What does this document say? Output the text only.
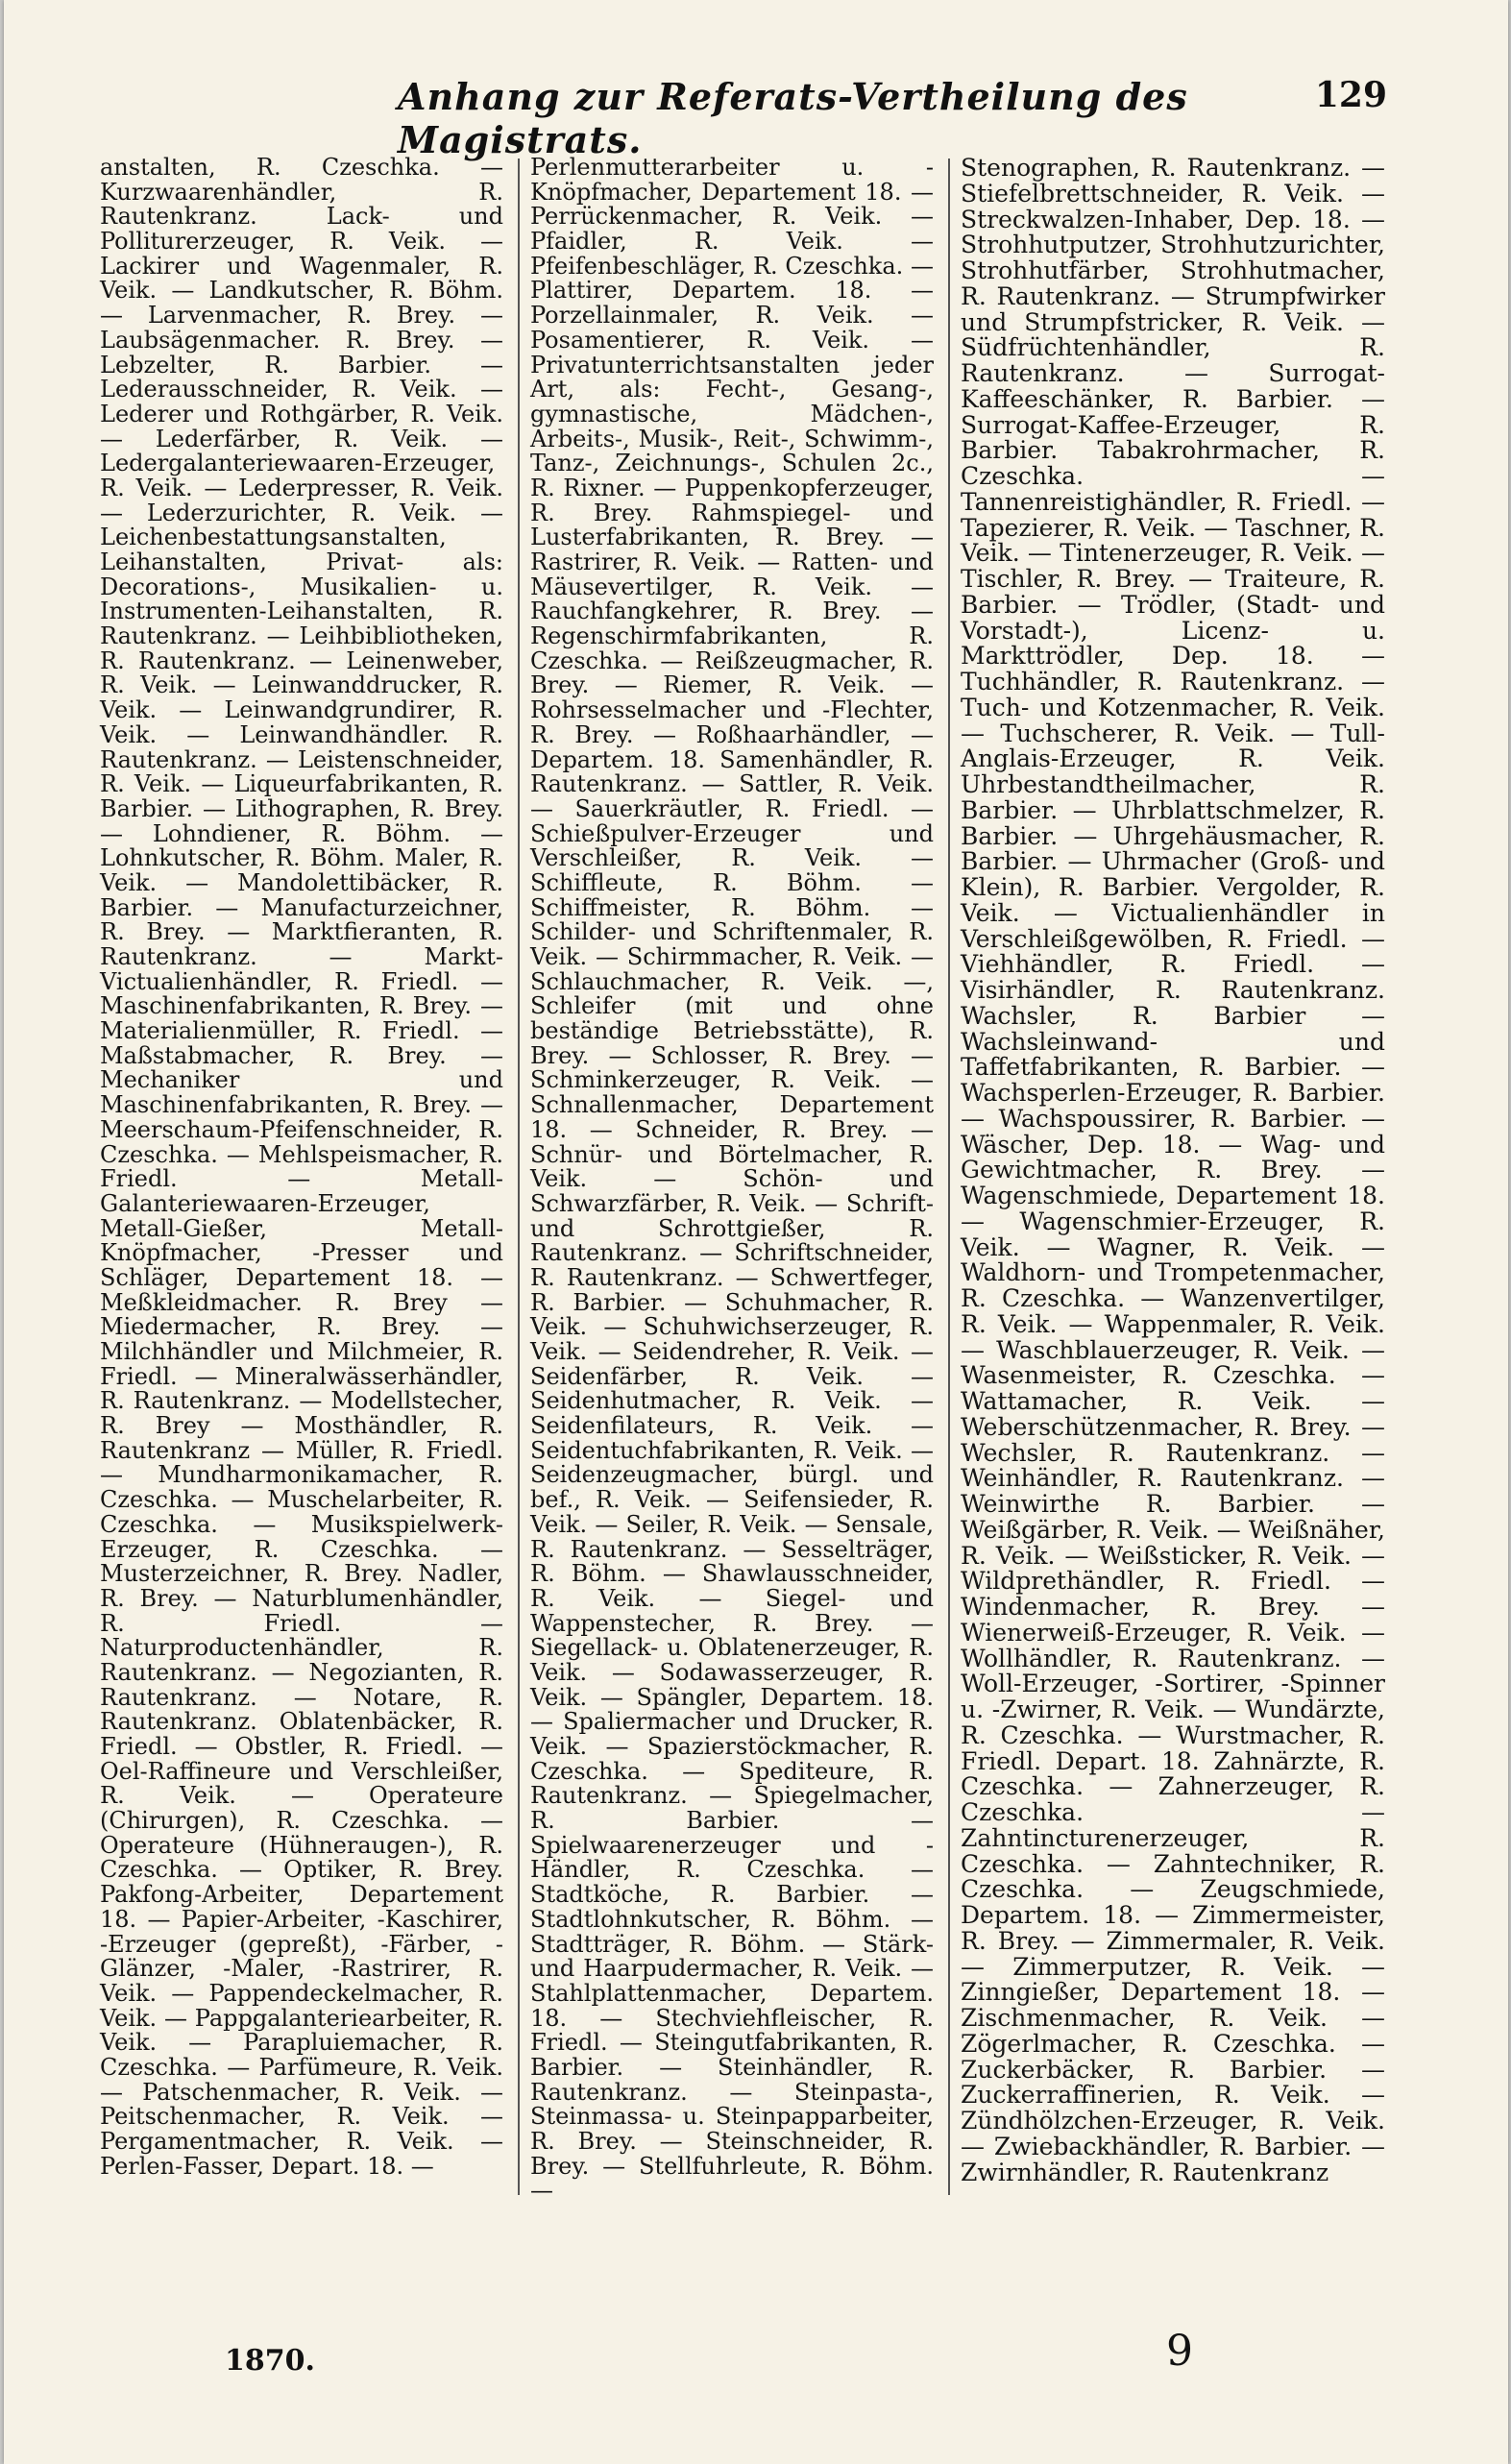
Anhang zur Referats-Vertheilung des Magistrats.
129

anstalten, R. Czeschka. — Kurzwaarenhändler, R. Rautenkranz. Lack- und Polliturerzeuger, R. Veik. — Lackirer und Wagenmaler, R. Veik. — Landkutscher, R. Böhm. — Larvenmacher, R. Brey. — Laubsägenmacher. R. Brey. — Lebzelter, R. Barbier. — Lederausschneider, R. Veik. — Lederer und Rothgärber, R. Veik. — Lederfärber, R. Veik. — Ledergalanteriewaaren-Erzeuger, R. Veik. — Lederpresser, R. Veik. — Lederzurichter, R. Veik. — Leichenbestattungsanstalten, Leihanstalten, Privat- als: Decorations-, Musikalien- u. Instrumenten-Leihanstalten, R. Rautenkranz. — Leihbibliotheken, R. Rautenkranz. — Leinenweber, R. Veik. — Leinwanddrucker, R. Veik. — Leinwandgrundirer, R. Veik. — Leinwandhändler. R. Rautenkranz. — Leistenschneider, R. Veik. — Liqueurfabrikanten, R. Barbier. — Lithographen, R. Brey. — Lohndiener, R. Böhm. — Lohnkutscher, R. Böhm. Maler, R. Veik. — Mandolettibäcker, R. Barbier. — Manufacturzeichner, R. Brey. — Marktfieranten, R. Rautenkranz. — Markt-Victualienhändler, R. Friedl. — Maschinenfabrikanten, R. Brey. — Materialienmüller, R. Friedl. — Maßstabmacher, R. Brey. — Mechaniker und Maschinenfabrikanten, R. Brey. — Meerschaum-Pfeifenschneider, R. Czeschka. — Mehlspeismacher, R. Friedl. — Metall-Galanteriewaaren-Erzeuger, Metall-Gießer, Metall-Knöpfmacher, -Presser und Schläger, Departement 18. — Meßkleidmacher. R. Brey — Miedermacher, R. Brey. — Milchhändler und Milchmeier, R. Friedl. — Mineralwässerhändler, R. Rautenkranz. — Modellstecher, R. Brey — Mosthändler, R. Rautenkranz — Müller, R. Friedl. — Mundharmonikamacher, R. Czeschka. — Muschelarbeiter, R. Czeschka. — Musikspielwerk-Erzeuger, R. Czeschka. — Musterzeichner, R. Brey. Nadler, R. Brey. — Naturblumenhändler, R. Friedl. — Naturproductenhändler, R. Rautenkranz. — Negozianten, R. Rautenkranz. — Notare, R. Rautenkranz. Oblatenbäcker, R. Friedl. — Obstler, R. Friedl. — Oel-Raffineure und Verschleißer, R. Veik. — Operateure (Chirurgen), R. Czeschka. — Operateure (Hühneraugen-), R. Czeschka. — Optiker, R. Brey. Pakfong-Arbeiter, Departement 18. — Papier-Arbeiter, -Kaschirer, -Erzeuger (gepreßt), -Färber, -Glänzer, -Maler, -Rastrirer, R. Veik. — Pappendeckelmacher, R. Veik. — Pappgalanteriearbeiter, R. Veik. — Parapluiemacher, R. Czeschka. — Parfümeure, R. Veik. — Patschenmacher, R. Veik. — Peitschenmacher, R. Veik. — Pergamentmacher, R. Veik. — Perlen-Fasser, Depart. 18. —

Perlenmutterarbeiter u. -Knöpfmacher, Departement 18. — Perrückenmacher, R. Veik. — Pfaidler, R. Veik. — Pfeifenbeschläger, R. Czeschka. — Plattirer, Departem. 18. — Porzellainmaler, R. Veik. — Posamentierer, R. Veik. — Privatunterrichtsanstalten jeder Art, als: Fecht-, Gesang-, gymnastische, Mädchen-, Arbeits-, Musik-, Reit-, Schwimm-, Tanz-, Zeichnungs-, Schulen 2c., R. Rixner. — Puppenkopferzeuger, R. Brey. Rahmspiegel- und Lusterfabrikanten, R. Brey. — Rastrirer, R. Veik. — Ratten- und Mäusevertilger, R. Veik. — Rauchfangkehrer, R. Brey. — Regenschirmfabrikanten, R. Czeschka. — Reißzeugmacher, R. Brey. — Riemer, R. Veik. — Rohrsesselmacher und -Flechter, R. Brey. — Roßhaarhändler, — Departem. 18. Samenhändler, R. Rautenkranz. — Sattler, R. Veik. — Sauerkräutler, R. Friedl. — Schießpulver-Erzeuger und Verschleißer, R. Veik. — Schiffleute, R. Böhm. — Schiffmeister, R. Böhm. — Schilder- und Schriftenmaler, R. Veik. — Schirmmacher, R. Veik. — Schlauchmacher, R. Veik. —, Schleifer (mit und ohne beständige Betriebsstätte), R. Brey. — Schlosser, R. Brey. — Schminkerzeuger, R. Veik. — Schnallenmacher, Departement 18. — Schneider, R. Brey. — Schnür- und Börtelmacher, R. Veik. — Schön- und Schwarzfärber, R. Veik. — Schrift- und Schrottgießer, R. Rautenkranz. — Schriftschneider, R. Rautenkranz. — Schwertfeger, R. Barbier. — Schuhmacher, R. Veik. — Schuhwichserzeuger, R. Veik. — Seidendreher, R. Veik. — Seidenfärber, R. Veik. — Seidenhutmacher, R. Veik. — Seidenfilateurs, R. Veik. — Seidentuchfabrikanten, R. Veik. — Seidenzeugmacher, bürgl. und bef., R. Veik. — Seifensieder, R. Veik. — Seiler, R. Veik. — Sensale, R. Rautenkranz. — Sesselträger, R. Böhm. — Shawlausschneider, R. Veik. — Siegel- und Wappenstecher, R. Brey. — Siegellack- u. Oblatenerzeuger, R. Veik. — Sodawasserzeuger, R. Veik. — Spängler, Departem. 18. — Spaliermacher und Drucker, R. Veik. — Spazierstöckmacher, R. Czeschka. — Spediteure, R. Rautenkranz. — Spiegelmacher, R. Barbier. — Spielwaarenerzeuger und -Händler, R. Czeschka. — Stadtköche, R. Barbier. — Stadtlohnkutscher, R. Böhm. — Stadtträger, R. Böhm. — Stärk- und Haarpudermacher, R. Veik. — Stahlplattenmacher, Departem. 18. — Stechviehfleischer, R. Friedl. — Steingutfabrikanten, R. Barbier. — Steinhändler, R. Rautenkranz. — Steinpasta-, Steinmassa- u. Steinpapparbeiter, R. Brey. — Steinschneider, R. Brey. — Stellfuhrleute, R. Böhm. —

Stenographen, R. Rautenkranz. — Stiefelbrettschneider, R. Veik. — Streckwalzen-Inhaber, Dep. 18. — Strohhutputzer, Strohhutzurichter, Strohhutfärber, Strohhutmacher, R. Rautenkranz. — Strumpfwirker und Strumpfstricker, R. Veik. — Südfrüchtenhändler, R. Rautenkranz. — Surrogat-Kaffeeschänker, R. Barbier. — Surrogat-Kaffee-Erzeuger, R. Barbier. Tabakrohrmacher, R. Czeschka. — Tannenreistighändler, R. Friedl. — Tapezierer, R. Veik. — Taschner, R. Veik. — Tintenerzeuger, R. Veik. — Tischler, R. Brey. — Traiteure, R. Barbier. — Trödler, (Stadt- und Vorstadt-), Licenz- u. Markttrödler, Dep. 18. — Tuchhändler, R. Rautenkranz. — Tuch- und Kotzenmacher, R. Veik. — Tuchscherer, R. Veik. — Tull-Anglais-Erzeuger, R. Veik. Uhrbestandtheilmacher, R. Barbier. — Uhrblattschmelzer, R. Barbier. — Uhrgehäusmacher, R. Barbier. — Uhrmacher (Groß- und Klein), R. Barbier. Vergolder, R. Veik. — Victualienhändler in Verschleißgewölben, R. Friedl. — Viehhändler, R. Friedl. — Visirhändler, R. Rautenkranz. Wachsler, R. Barbier — Wachsleinwand- und Taffetfabrikanten, R. Barbier. — Wachsperlen-Erzeuger, R. Barbier. — Wachspoussirer, R. Barbier. — Wäscher, Dep. 18. — Wag- und Gewichtmacher, R. Brey. — Wagenschmiede, Departement 18. — Wagenschmier-Erzeuger, R. Veik. — Wagner, R. Veik. — Waldhorn- und Trompetenmacher, R. Czeschka. — Wanzenvertilger, R. Veik. — Wappenmaler, R. Veik. — Waschblauerzeuger, R. Veik. — Wasenmeister, R. Czeschka. — Wattamacher, R. Veik. — Weberschützenmacher, R. Brey. — Wechsler, R. Rautenkranz. — Weinhändler, R. Rautenkranz. — Weinwirthe R. Barbier. — Weißgärber, R. Veik. — Weißnäher, R. Veik. — Weißsticker, R. Veik. — Wildprethändler, R. Friedl. — Windenmacher, R. Brey. — Wienerweiß-Erzeuger, R. Veik. — Wollhändler, R. Rautenkranz. — Woll-Erzeuger, -Sortirer, -Spinner u. -Zwirner, R. Veik. — Wundärzte, R. Czeschka. — Wurstmacher, R. Friedl. Depart. 18. Zahnärzte, R. Czeschka. — Zahnerzeuger, R. Czeschka. — Zahntincturenerzeuger, R. Czeschka. — Zahntechniker, R. Czeschka. — Zeugschmiede, Departem. 18. — Zimmermeister, R. Brey. — Zimmermaler, R. Veik. — Zimmerputzer, R. Veik. — Zinngießer, Departement 18. — Zischmenmacher, R. Veik. — Zögerlmacher, R. Czeschka. — Zuckerbäcker, R. Barbier. — Zuckerraffinerien, R. Veik. — Zündhölzchen-Erzeuger, R. Veik. — Zwiebackhändler, R. Barbier. — Zwirnhändler, R. Rautenkranz

1870.	9
